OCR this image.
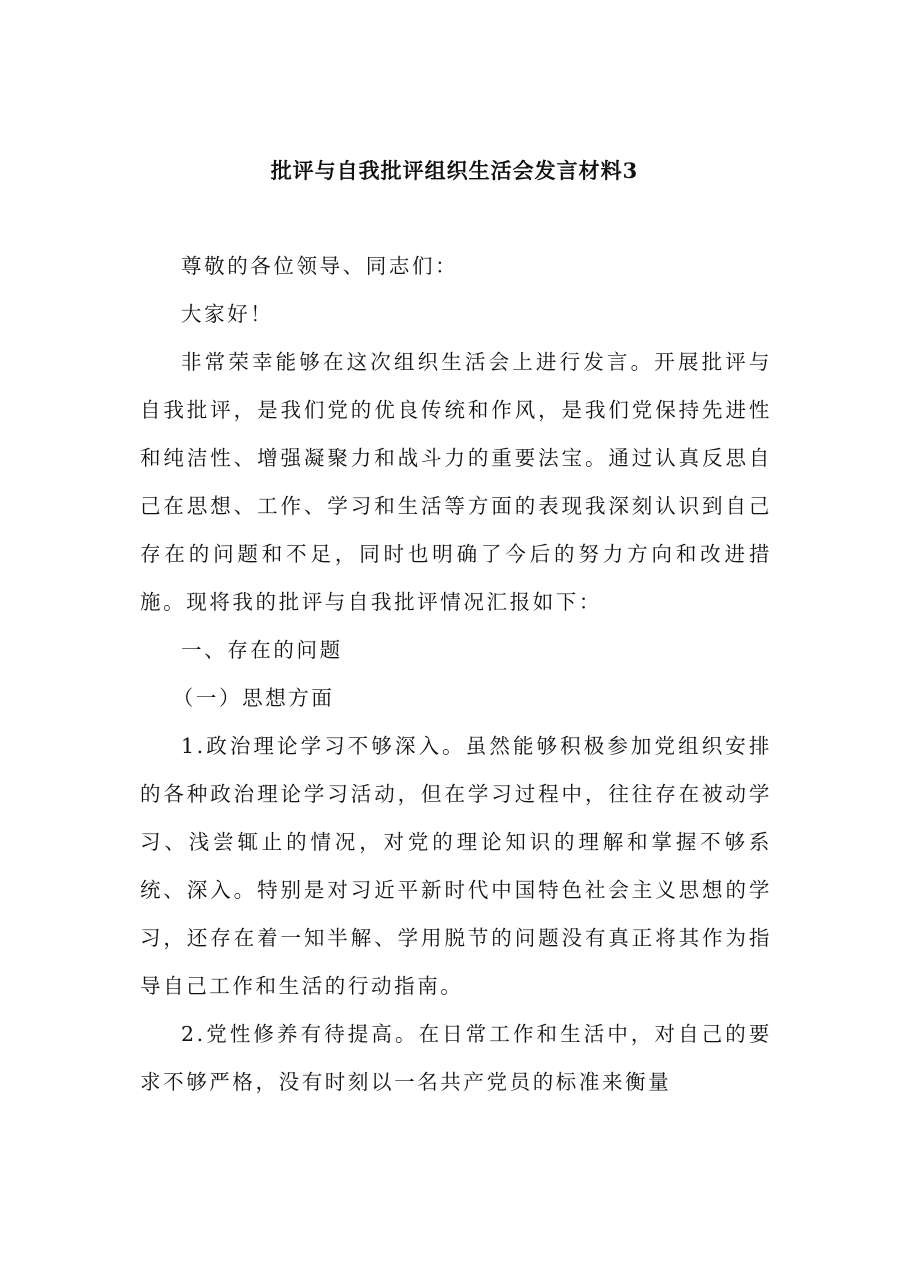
批评与自我批评组织生活会发言材料3

尊敬的各位领导、同志们：

大家好！

非常荣幸能够在这次组织生活会上进行发言。开展批评与自我批评，是我们党的优良传统和作风，是我们党保持先进性和纯洁性、增强凝聚力和战斗力的重要法宝。通过认真反思自己在思想、工作、学习和生活等方面的表现我深刻认识到自己存在的问题和不足，同时也明确了今后的努力方向和改进措施。现将我的批评与自我批评情况汇报如下：

一、存在的问题

（一）思想方面

1.政治理论学习不够深入。虽然能够积极参加党组织安排的各种政治理论学习活动，但在学习过程中，往往存在被动学习、浅尝辄止的情况，对党的理论知识的理解和掌握不够系统、深入。特别是对习近平新时代中国特色社会主义思想的学习，还存在着一知半解、学用脱节的问题没有真正将其作为指导自己工作和生活的行动指南。

2.党性修养有待提高。在日常工作和生活中，对自己的要求不够严格，没有时刻以一名共产党员的标准来衡量
